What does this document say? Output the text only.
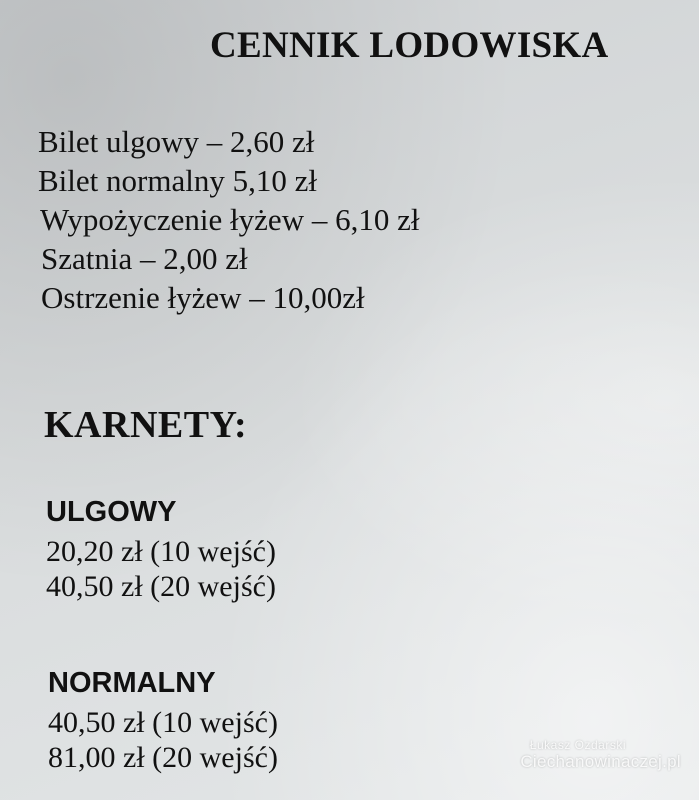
CENNIK LODOWISKA
Bilet ulgowy – 2,60 zł
Bilet normalny 5,10 zł
Wypożyczenie łyżew – 6,10 zł
Szatnia – 2,00 zł
Ostrzenie łyżew – 10,00zł
KARNETY:
ULGOWY
20,20 zł (10 wejść)
40,50 zł (20 wejść)
NORMALNY
40,50 zł (10 wejść)
81,00 zł (20 wejść)	Łukasz Ozdarski
Ciechanowinaczej.pl
